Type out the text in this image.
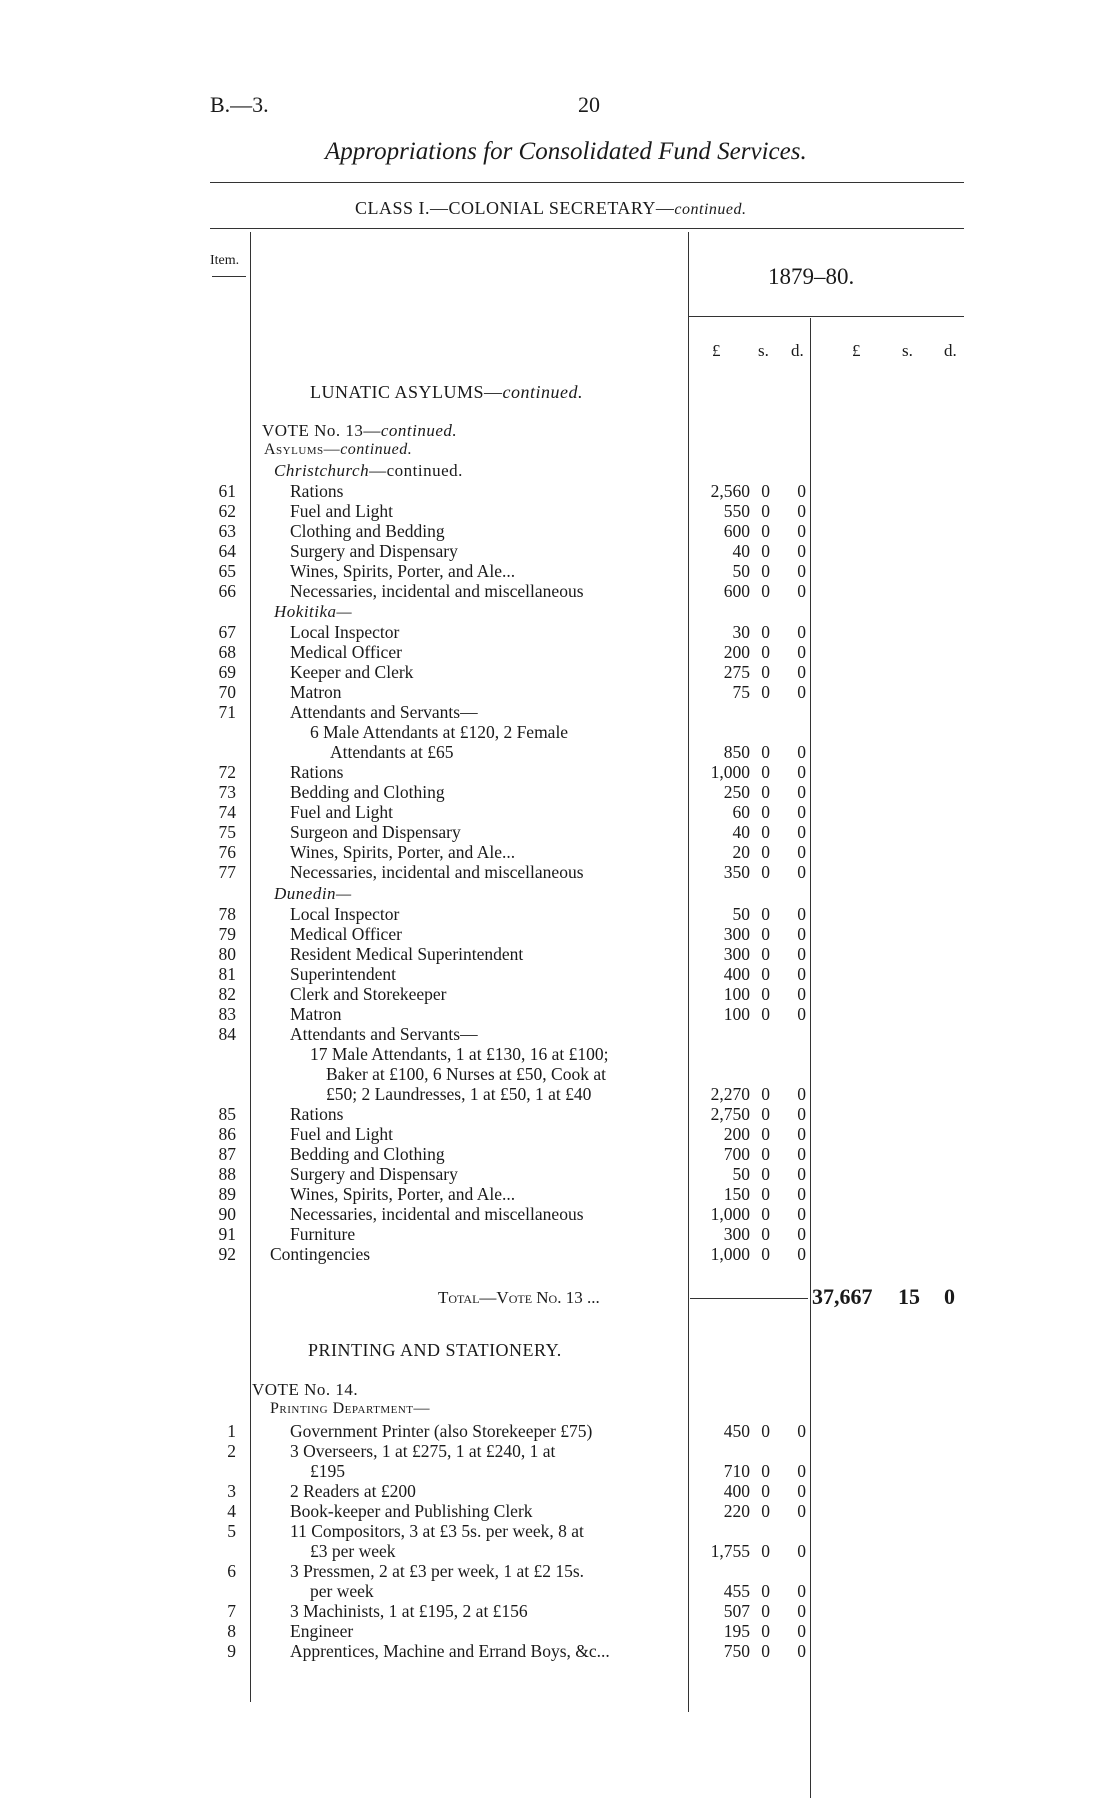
B.—3.	20
Appropriations for Consolidated Fund Services.
CLASS I.—COLONIAL SECRETARY—continued.
Item.
1879–80.
£ s. d.	£ s. d.
LUNATIC ASYLUMS—continued.
VOTE No. 13—continued.
Asylums—continued.
Christchurch—continued.
Hokitika—
Dunedin—
61	Rations	2,560 0	0
62	Fuel and Light	550 0	0
63	Clothing and Bedding	600 0	0
64	Surgery and Dispensary	40 0	0
65	Wines, Spirits, Porter, and Ale...	50 0	0
66	Necessaries, incidental and miscellaneous	600 0	0
67	Local Inspector	30 0	0
68	Medical Officer	200 0	0
69	Keeper and Clerk	275 0	0
70	Matron	75 0	0
71	Attendants and Servants—
6 Male Attendants at £120, 2 Female
Attendants at £65	850 0	0
72	Rations	1,000 0	0
73	Bedding and Clothing	250 0	0
74	Fuel and Light	60 0	0
75	Surgeon and Dispensary	40 0	0
76	Wines, Spirits, Porter, and Ale...	20 0	0
77	Necessaries, incidental and miscellaneous	350 0	0
78	Local Inspector	50 0	0
79	Medical Officer	300 0	0
80	Resident Medical Superintendent	300 0	0
81	Superintendent	400 0	0
82	Clerk and Storekeeper	100 0	0
83	Matron	100 0	0
84	Attendants and Servants—
17 Male Attendants, 1 at £130, 16 at £100;
Baker at £100, 6 Nurses at £50, Cook at
£50; 2 Laundresses, 1 at £50, 1 at £40	2,270 0	0
85	Rations	2,750 0	0
86	Fuel and Light	200 0	0
87	Bedding and Clothing	700 0	0
88	Surgery and Dispensary	50 0	0
89	Wines, Spirits, Porter, and Ale...	150 0	0
90	Necessaries, incidental and miscellaneous	1,000 0	0
91	Furniture	300 0	0
92 Contingencies	1,000 0	0
Total—Vote No. 13 ...	37,667 15 0
PRINTING AND STATIONERY.
VOTE No. 14.
Printing Department—
1	Government Printer (also Storekeeper £75)	450 0	0
2	3 Overseers, 1 at £275, 1 at £240, 1 at
£195	710 0	0
3	2 Readers at £200	400 0	0
4	Book-keeper and Publishing Clerk	220 0	0
5	11 Compositors, 3 at £3 5s. per week, 8 at
£3 per week	1,755 0	0
6	3 Pressmen, 2 at £3 per week, 1 at £2 15s.
per week	455 0	0
7	3 Machinists, 1 at £195, 2 at £156	507 0	0
8	Engineer	195 0	0
9	Apprentices, Machine and Errand Boys, &c...	750 0	0
